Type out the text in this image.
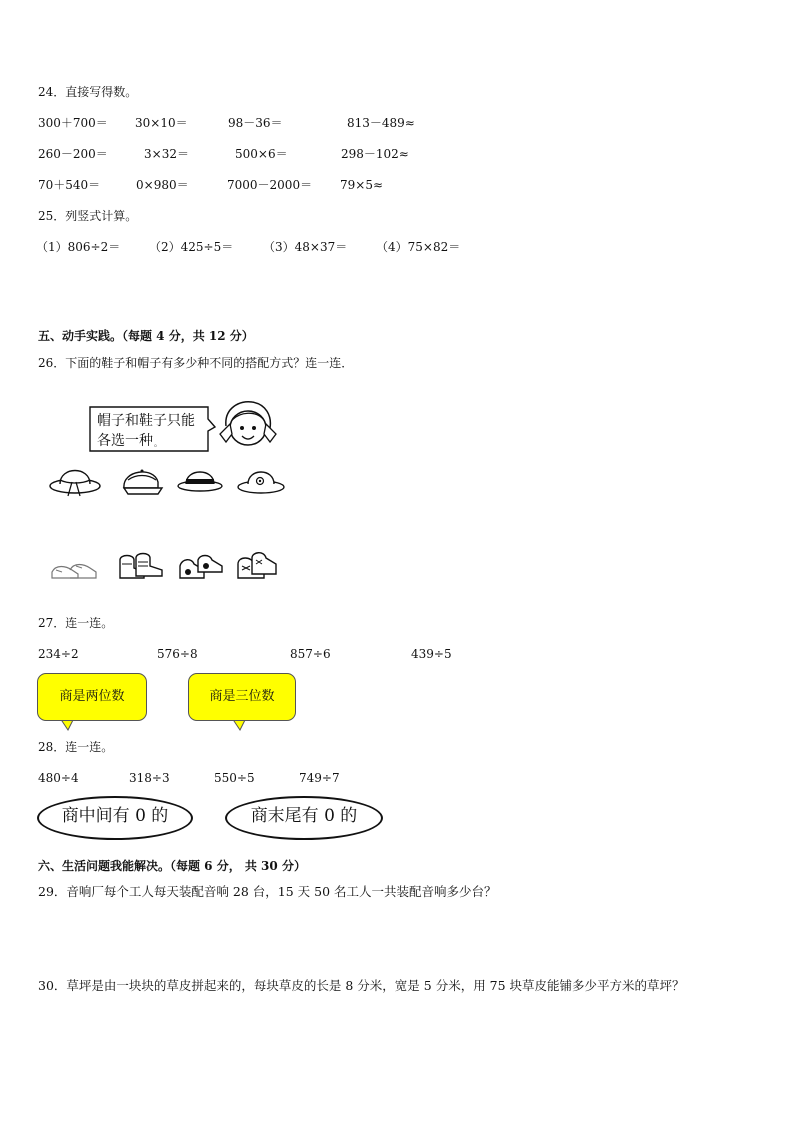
24．直接写得数。
300＋700＝ 30×10＝	98－36＝	813－489≈
260－200＝	3×32＝	500×6＝	298－102≈
70＋540＝	0×980＝	7000－2000＝ 79×5≈
25．列竖式计算。
（1）806÷2＝ （2）425÷5＝ （3）48×37＝ （4）75×82＝
五、动手实践。（每题 4 分，共 12 分）
26．下面的鞋子和帽子有多少种不同的搭配方式？连一连．
帽子和鞋子只能
各选一种 。
27．连一连。
234÷2	576÷8	857÷6	439÷5
商是两位数	商是三位数
28．连一连。
480÷4	318÷3	550÷5	749÷7
商中间有 0 的	商末尾有 0 的
六、生活问题我能解决。（每题 6 分， 共 30 分）
29．音响厂每个工人每天装配音响 28 台，15 天 50 名工人一共装配音响多少台？
30．草坪是由一块块的草皮拼起来的，每块草皮的长是 8 分米，宽是 5 分米，用 75 块草皮能铺多少平方米的草坪？
